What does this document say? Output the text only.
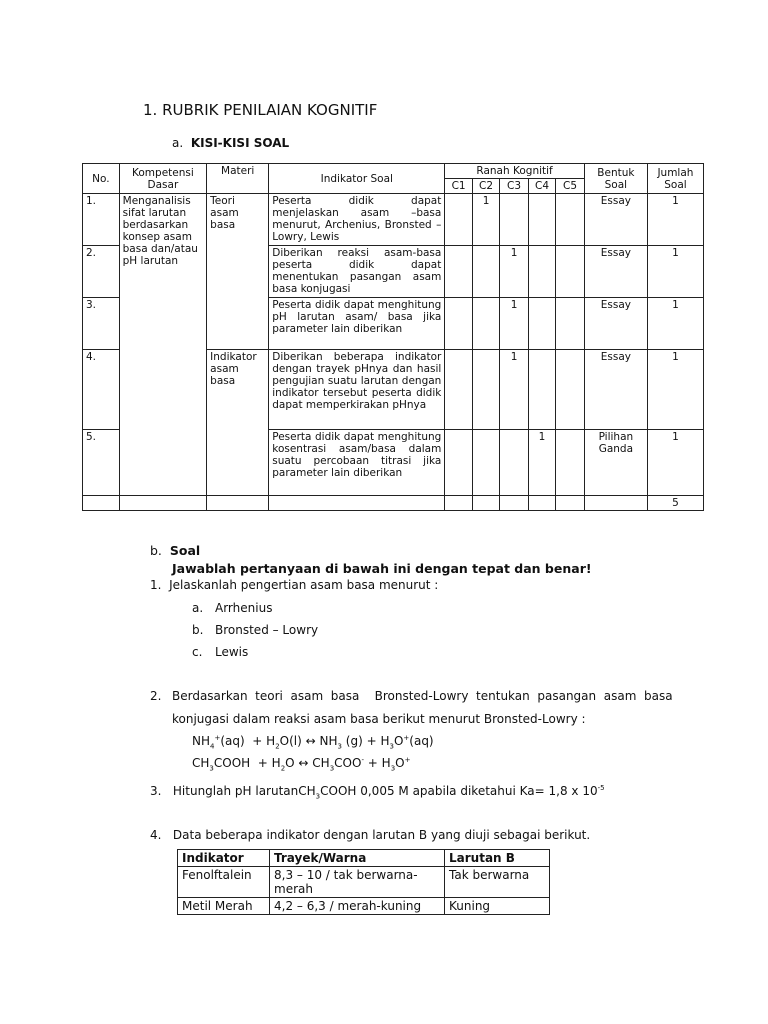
1. RUBRIK PENILAIAN KOGNITIF
a. KISI-KISI SOAL
No.	Kompetensi Dasar	Materi	Indikator Soal	Ranah Kognitif					Bentuk Soal	Jumlah Soal
				C1	C2	C3	C4	C5		
1.	Menganalisis sifat larutan berdasarkan konsep asam basa dan/atau pH larutan	Teori asam basa	Peserta didik dapat menjelaskan asam –basa menurut, Archenius, Bronsted – Lowry, Lewis		1				Essay	1
2.			Diberikan reaksi asam-basa peserta didik dapat menentukan pasangan asam basa konjugasi			1			Essay	1
3.			Peserta didik dapat menghitung pH larutan asam/ basa jika parameter lain diberikan			1			Essay	1
4.		Indikator asam basa	Diberikan beberapa indikator dengan trayek pHnya dan hasil pengujian suatu larutan dengan indikator tersebut peserta didik dapat memperkirakan pHnya			1			Essay	1
5.			Peserta didik dapat menghitung kosentrasi asam/basa dalam suatu percobaan titrasi jika parameter lain diberikan				1		Pilihan Ganda	1
										5
b. Soal
Jawablah pertanyaan di bawah ini dengan tepat dan benar!
1. Jelaskanlah pengertian asam basa menurut :
a. Arrhenius
b. Bronsted – Lowry
c. Lewis
2. Berdasarkan  teori  asam  basa    Bronsted-Lowry  tentukan  pasangan  asam  basa
konjugasi dalam reaksi asam basa berikut menurut Bronsted-Lowry :
$NH_4^+(aq) + H_2O(l)$ ↔ $NH_3$ $(g) + H_3O^+(aq)$
$CH_3COOH + H_2O$ ↔ $CH_3COO^- + H_3O^+$
3. Hitunglah pH larutanCH$_3$COOH 0,005 M apabila diketahui Ka= 1,8 x $10^{-5}$
4. Data beberapa indikator dengan larutan B yang diuji sebagai berikut.
Indikator	Trayek/Warna	Larutan B
Fenolftalein	8,3 – 10 / tak berwarna-merah	Tak berwarna
Metil Merah	4,2 – 6,3 / merah-kuning	Kuning
